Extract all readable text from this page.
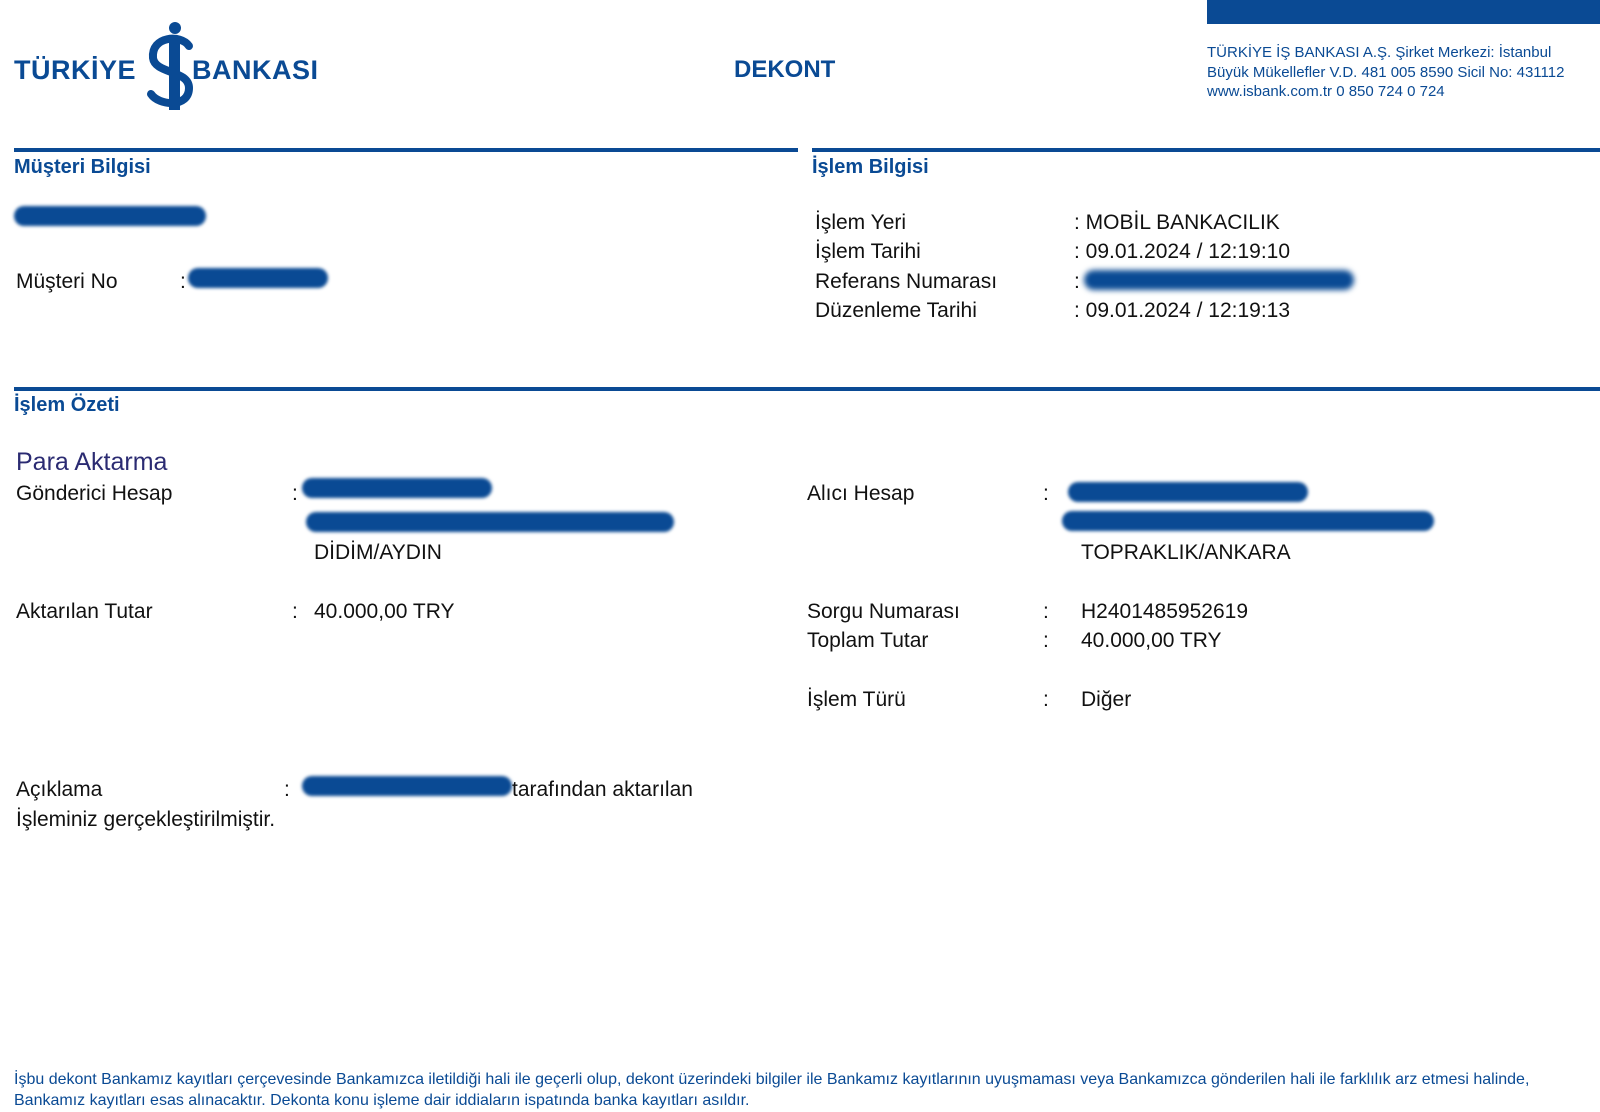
TÜRKİYE BANKASI	DEKONT
TÜRKİYE İŞ BANKASI A.Ş. Şirket Merkezi: İstanbul
Büyük Mükellefler V.D. 481 005 8590 Sicil No: 431112
www.isbank.com.tr 0 850 724 0 724
Müşteri Bilgisi
Müşteri No	:
İşlem Bilgisi
İşlem Yeri	: MOBİL BANKACILIK
İşlem Tarihi	: 09.01.2024 / 12:19:10
Referans Numarası	:
Düzenleme Tarihi	: 09.01.2024 / 12:19:13
İşlem Özeti
Para Aktarma
Gönderici Hesap	:
DİDİM/AYDIN
Alıcı Hesap	:
TOPRAKLIK/ANKARA
Aktarılan Tutar	: 40.000,00 TRY	Sorgu Numarası	: H2401485952619
Toplam Tutar	: 40.000,00 TRY
İşlem Türü	: Diğer
Açıklama	:	tarafından aktarılan
İşleminiz gerçekleştirilmiştir.
İşbu dekont Bankamız kayıtları çerçevesinde Bankamızca iletildiği hali ile geçerli olup, dekont üzerindeki bilgiler ile Bankamız kayıtlarının uyuşmaması veya Bankamızca gönderilen hali ile farklılık arz etmesi halinde,
Bankamız kayıtları esas alınacaktır. Dekonta konu işleme dair iddiaların ispatında banka kayıtları asıldır.
